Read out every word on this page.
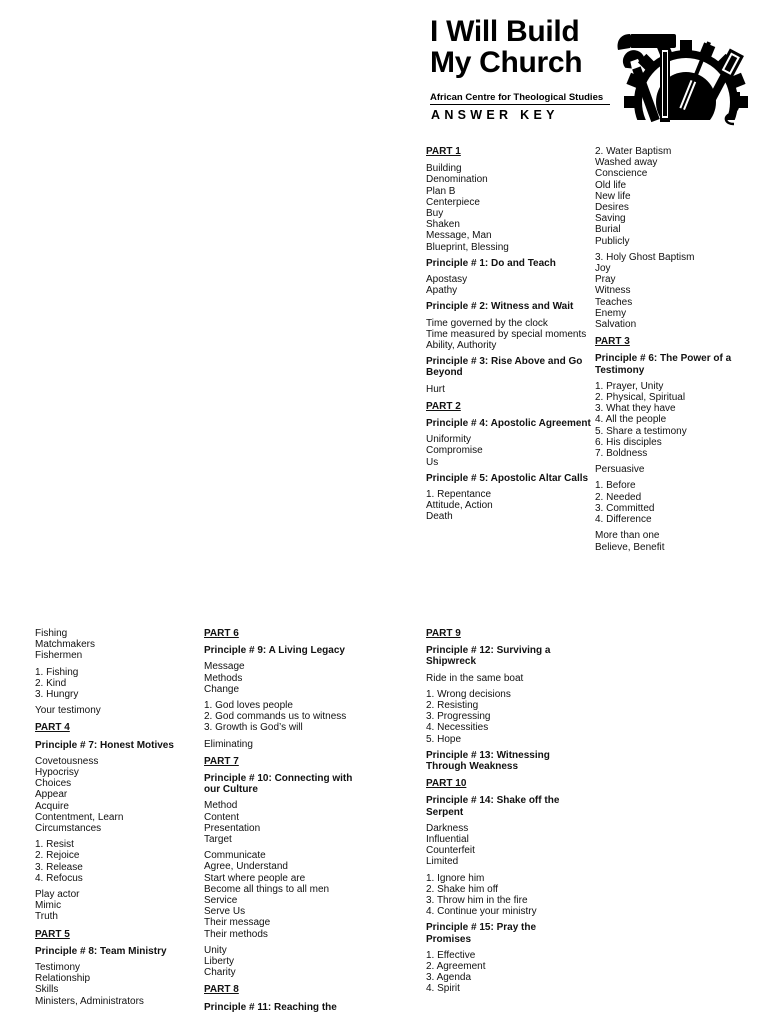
I Will Build
My Church
African Centre for Theological Studies
ANSWER KEY
PART 1
Building
Denomination
Plan B
Centerpiece
Buy
Shaken
Message, Man
Blueprint, Blessing
Principle # 1: Do and Teach
Apostasy
Apathy
Principle # 2: Witness and Wait
Time governed by the clock
Time measured by special moments
Ability, Authority
Principle # 3: Rise Above and Go Beyond
Hurt
PART 2
Principle # 4: Apostolic Agreement
Uniformity
Compromise
Us
Principle # 5: Apostolic Altar Calls
1. Repentance
Attitude, Action
Death
2. Water Baptism
Washed away
Conscience
Old life
New life
Desires
Saving
Burial
Publicly
3. Holy Ghost Baptism
Joy
Pray
Witness
Teaches
Enemy
Salvation
PART 3
Principle # 6: The Power of a Testimony
1. Prayer, Unity
2. Physical, Spiritual
3. What they have
4. All the people
5. Share a testimony
6. His disciples
7. Boldness
Persuasive
1. Before
2. Needed
3. Committed
4. Difference
More than one
Believe, Benefit
Fishing
Matchmakers
Fishermen
1. Fishing
2. Kind
3. Hungry
Your testimony
PART 4
Principle # 7: Honest Motives
Covetousness
Hypocrisy
Choices
Appear
Acquire
Contentment, Learn
Circumstances
1. Resist
2. Rejoice
3. Release
4. Refocus
Play actor
Mimic
Truth
PART 5
Principle # 8: Team Ministry
Testimony
Relationship
Skills
Ministers, Administrators
PART 6
Principle # 9: A Living Legacy
Message
Methods
Change
1. God loves people
2. God commands us to witness
3. Growth is God’s will
Eliminating
PART 7
Principle # 10: Connecting with our Culture
Method
Content
Presentation
Target
Communicate
Agree, Understand
Start where people are
Become all things to all men
Service
Serve Us
Their message
Their methods
Unity
Liberty
Charity
PART 8
Principle # 11: Reaching the
PART 9
Principle # 12: Surviving a Shipwreck
Ride in the same boat
1. Wrong decisions
2. Resisting
3. Progressing
4. Necessities
5. Hope
Principle # 13: Witnessing Through Weakness
PART 10
Principle # 14: Shake off the Serpent
Darkness
Influential
Counterfeit
Limited
1. Ignore him
2. Shake him off
3. Throw him in the fire
4. Continue your ministry
Principle # 15: Pray the Promises
1. Effective
2. Agreement
3. Agenda
4. Spirit
